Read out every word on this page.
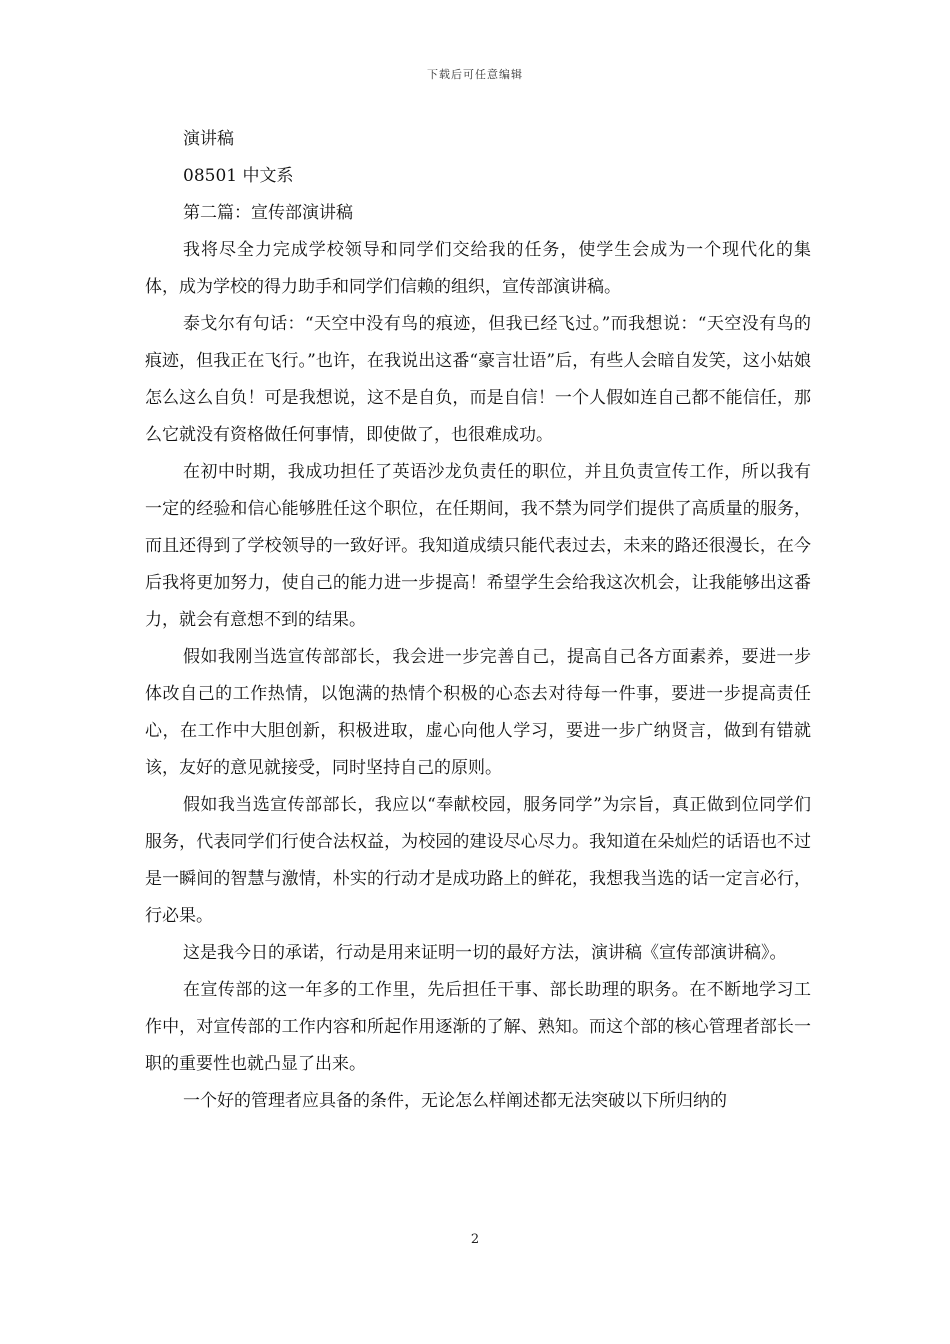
下载后可任意编辑

演讲稿

08501 中文系

第二篇：宣传部演讲稿

我将尽全力完成学校领导和同学们交给我的任务，使学生会成为一个现代化的集体，成为学校的得力助手和同学们信赖的组织，宣传部演讲稿。

泰戈尔有句话：“天空中没有鸟的痕迹，但我已经飞过。”而我想说：“天空没有鸟的痕迹，但我正在飞行。”也许，在我说出这番“豪言壮语”后，有些人会暗自发笑，这小姑娘怎么这么自负！可是我想说，这不是自负，而是自信！一个人假如连自己都不能信任，那么它就没有资格做任何事情，即使做了，也很难成功。

在初中时期，我成功担任了英语沙龙负责任的职位，并且负责宣传工作，所以我有一定的经验和信心能够胜任这个职位，在任期间，我不禁为同学们提供了高质量的服务，而且还得到了学校领导的一致好评。我知道成绩只能代表过去，未来的路还很漫长，在今后我将更加努力，使自己的能力进一步提高！希望学生会给我这次机会，让我能够出这番力，就会有意想不到的结果。

假如我刚当选宣传部部长，我会进一步完善自己，提高自己各方面素养，要进一步体改自己的工作热情，以饱满的热情个积极的心态去对待每一件事，要进一步提高责任心，在工作中大胆创新，积极进取，虚心向他人学习，要进一步广纳贤言，做到有错就该，友好的意见就接受，同时坚持自己的原则。

假如我当选宣传部部长，我应以“奉献校园，服务同学”为宗旨，真正做到位同学们服务，代表同学们行使合法权益，为校园的建设尽心尽力。我知道在朵灿烂的话语也不过是一瞬间的智慧与激情，朴实的行动才是成功路上的鲜花，我想我当选的话一定言必行，行必果。

这是我今日的承诺，行动是用来证明一切的最好方法，演讲稿《宣传部演讲稿》。

在宣传部的这一年多的工作里，先后担任干事、部长助理的职务。在不断地学习工作中，对宣传部的工作内容和所起作用逐渐的了解、熟知。而这个部的核心管理者部长一职的重要性也就凸显了出来。

一个好的管理者应具备的条件，无论怎么样阐述都无法突破以下所归纳的

2
